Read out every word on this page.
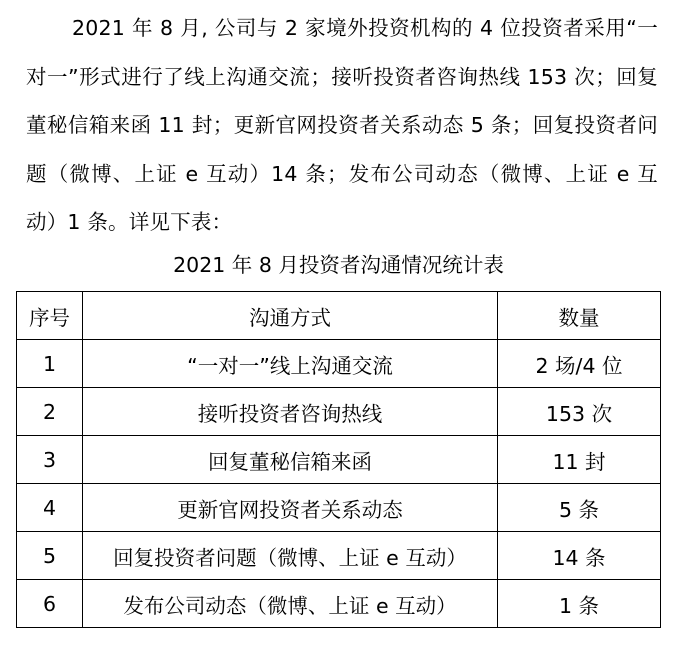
2021 年 8 月, 公司与 2 家境外投资机构的 4 位投资者采用“一对一”形式进行了线上沟通交流；接听投资者咨询热线 153 次；回复董秘信箱来函 11 封；更新官网投资者关系动态 5 条；回复投资者问题（微博、上证 e 互动）14 条；发布公司动态（微博、上证 e 互动）1 条。详见下表：

2021 年 8 月投资者沟通情况统计表

序号	沟通方式	数量
1	“一对一”线上沟通交流	2 场/4 位
2	接听投资者咨询热线	153 次
3	回复董秘信箱来函	11 封
4	更新官网投资者关系动态	5 条
5	回复投资者问题（微博、上证 e 互动）	14 条
6	发布公司动态（微博、上证 e 互动）	1 条
